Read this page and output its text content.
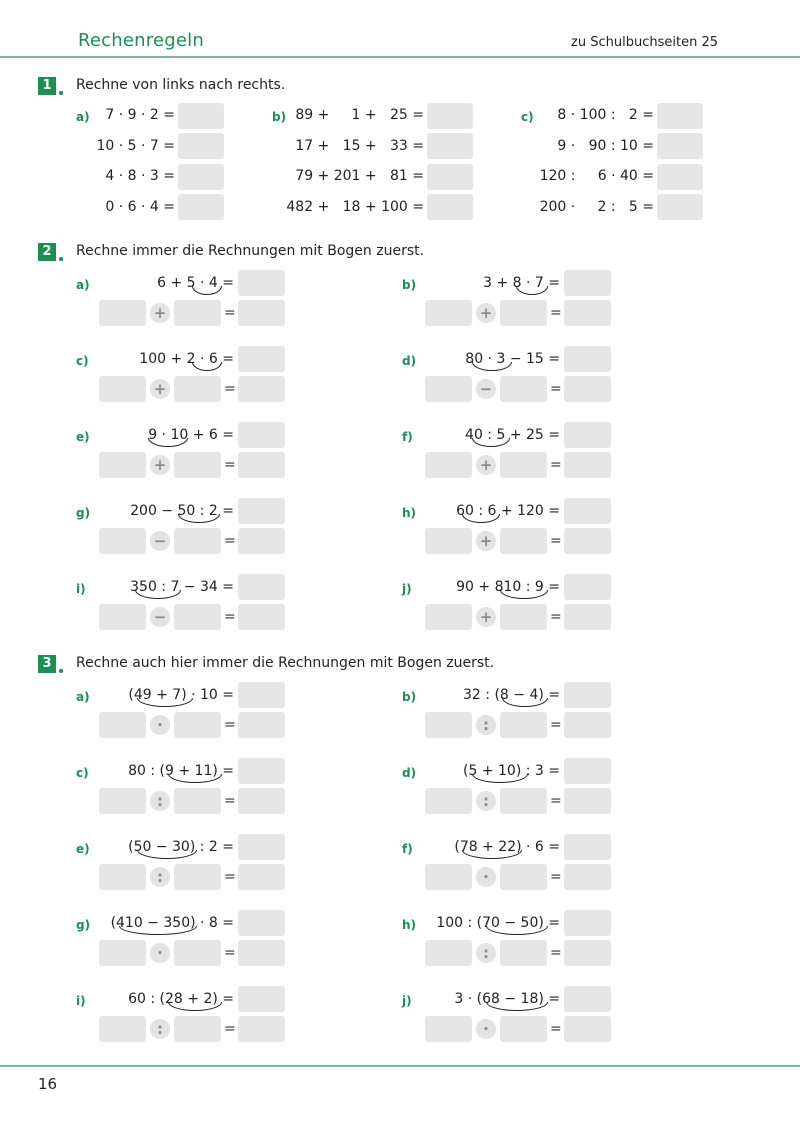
Rechenregeln	zu Schulbuchseiten 25
1	Rechne von links nach rechts.
a) 7 · 9 · 2 =
10 · 5 · 7 =
4 · 8 · 3 =
0 · 6 · 4 =
b) 89 +     1 +   25 =
17 +   15 +   33 =
79 + 201 +   81 =
482 +   18 + 100 =
c) 8 · 100 :   2 =
9 ·   90 : 10 =
120 :     6 · 40 =
200 ·     2 :   5 =
2	Rechne immer die Rechnungen mit Bogen zuerst.
a)	6 + 5 · 4 =
+	=
b)	3 + 8 · 7 =
+	=
c)	100 + 2 · 6 =
+	=
d)	80 · 3 − 15 =
−	=
e)	9 · 10 + 6 =
+	=
f)	40 : 5 + 25 =
+	=
g)	200 − 50 : 2 =
−	=
h)	60 : 6 + 120 =
+	=
i)	350 : 7 − 34 =
−	=
j)	90 + 810 : 9 =
+	=
3	Rechne auch hier immer die Rechnungen mit Bogen zuerst.
a)	(49 + 7) · 10 =
·	=
b)	32 : (8 − 4) =
:	=
c)	80 : (9 + 11) =
:	=
d)	(5 + 10) : 3 =
:	=
e)	(50 − 30) : 2 =
:	=
f)	(78 + 22) · 6 =
·	=
g) (410 − 350) · 8 =
·	=
h) 100 : (70 − 50) =
:	=
i)	60 : (28 + 2) =
:	=
j)	3 · (68 − 18) =
·	=
16
